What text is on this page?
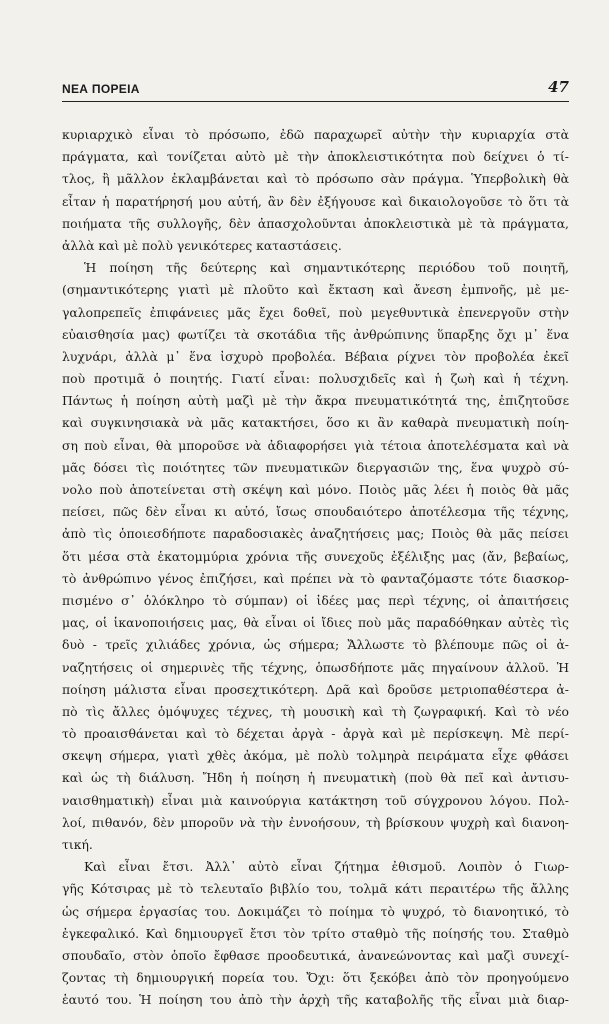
ΝΕΑ ΠΟΡΕΙΑ	47
κυριαρχικὸ εἶναι τὸ πρόσωπο, ἐδῶ παραχωρεῖ αὐτὴν τὴν κυριαρχία στὰ
πράγματα, καὶ τονίζεται αὐτὸ μὲ τὴν ἀποκλειστικότητα ποὺ δείχνει ὁ τί-
τλος, ἢ μᾶλλον ἐκλαμβάνεται καὶ τὸ πρόσωπο σὰν πράγμα. Ὑπερβολικὴ θὰ
εἶταν ἡ παρατήρησή μου αὐτή, ἂν δὲν ἐξήγουσε καὶ δικαιολογοῦσε τὸ ὅτι τὰ
ποιήματα τῆς συλλογῆς, δὲν ἀπασχολοῦνται ἀποκλειστικὰ μὲ τὰ πράγματα,
ἀλλὰ καὶ μὲ πολὺ γενικότερες καταστάσεις.
Ἡ ποίηση τῆς δεύτερης καὶ σημαντικότερης περιόδου τοῦ ποιητῆ,
(σημαντικότερης γιατὶ μὲ πλοῦτο καὶ ἔκταση καὶ ἄνεση ἐμπνοῆς, μὲ με-
γαλοπρεπεῖς ἐπιφάνειες μᾶς ἔχει δοθεῖ, ποὺ μεγεθυντικὰ ἐπενεργοῦν στὴν
εὐαισθησία μας) φωτίζει τὰ σκοτάδια τῆς ἀνθρώπινης ὕπαρξης ὄχι μ᾽ ἕνα
λυχνάρι, ἀλλὰ μ᾽ ἕνα ἰσχυρὸ προβολέα. Βέβαια ρίχνει τὸν προβολέα ἐκεῖ
ποὺ προτιμᾶ ὁ ποιητής. Γιατί εἶναι: πολυσχιδεῖς καὶ ἡ ζωὴ καὶ ἡ τέχνη.
Πάντως ἡ ποίηση αὐτὴ μαζὶ μὲ τὴν ἄκρα πνευματικότητά της, ἐπιζητοῦσε
καὶ συγκινησιακὰ νὰ μᾶς κατακτήσει, ὅσο κι ἂν καθαρὰ πνευματικὴ ποίη-
ση ποὺ εἶναι, θὰ μποροῦσε νὰ ἀδιαφορήσει γιὰ τέτοια ἀποτελέσματα καὶ νὰ
μᾶς δόσει τὶς ποιότητες τῶν πνευματικῶν διεργασιῶν της, ἕνα ψυχρὸ σύ-
νολο ποὺ ἀποτείνεται στὴ σκέψη καὶ μόνο. Ποιὸς μᾶς λέει ἡ ποιὸς θὰ μᾶς
πείσει, πῶς δὲν εἶναι κι αὐτό, ἴσως σπουδαιότερο ἀποτέλεσμα τῆς τέχνης,
ἀπὸ τὶς ὁποιεσδήποτε παραδοσιακὲς ἀναζητήσεις μας; Ποιὸς θὰ μᾶς πείσει
ὅτι μέσα στὰ ἑκατομμύρια χρόνια τῆς συνεχοῦς ἐξέλιξης μας (ἄν, βεβαίως,
τὸ ἀνθρώπινο γένος ἐπιζήσει, καὶ πρέπει νὰ τὸ φανταζόμαστε τότε διασκορ-
πισμένο σ᾽ ὁλόκληρο τὸ σύμπαν) οἱ ἰδέες μας περὶ τέχνης, οἱ ἀπαιτήσεις
μας, οἱ ἱκανοποιήσεις μας, θὰ εἶναι οἱ ἴδιες ποὺ μᾶς παραδόθηκαν αὐτὲς τὶς
δυὸ - τρεῖς χιλιάδες χρόνια, ὡς σήμερα; Ἄλλωστε τὸ βλέπουμε πῶς οἱ ἀ-
ναζητήσεις οἱ σημερινὲς τῆς τέχνης, ὁπωσδήποτε μᾶς πηγαίνουν ἀλλοῦ. Ἡ
ποίηση μάλιστα εἶναι προσεχτικότερη. Δρᾶ καὶ δροῦσε μετριοπαθέστερα ἀ-
πὸ τὶς ἄλλες ὁμόψυχες τέχνες, τὴ μουσικὴ καὶ τὴ ζωγραφική. Καὶ τὸ νέο
τὸ προαισθάνεται καὶ τὸ δέχεται ἀργὰ - ἀργὰ καὶ μὲ περίσκεψη. Μὲ περί-
σκεψη σήμερα, γιατὶ χθὲς ἀκόμα, μὲ πολὺ τολμηρὰ πειράματα εἶχε φθάσει
καὶ ὡς τὴ διάλυση. Ἤδη ἡ ποίηση ἡ πνευματικὴ (ποὺ θὰ πεῖ καὶ ἀντισυ-
ναισθηματικὴ) εἶναι μιὰ καινούργια κατάκτηση τοῦ σύγχρονου λόγου. Πολ-
λοί, πιθανόν, δὲν μποροῦν νὰ τὴν ἐννοήσουν, τὴ βρίσκουν ψυχρὴ καὶ διανοη-
τική.
Καὶ εἶναι ἔτσι. Ἀλλ᾽ αὐτὸ εἶναι ζήτημα ἐθισμοῦ. Λοιπὸν ὁ Γιωρ-
γῆς Κότσιρας μὲ τὸ τελευταῖο βιβλίο του, τολμᾶ κάτι περαιτέρω τῆς ἄλλης
ὡς σήμερα ἐργασίας του. Δοκιμάζει τὸ ποίημα τὸ ψυχρό, τὸ διανοητικό, τὸ
ἐγκεφαλικό. Καὶ δημιουργεῖ ἔτσι τὸν τρίτο σταθμὸ τῆς ποίησής του. Σταθμὸ
σπουδαῖο, στὸν ὁποῖο ἔφθασε προοδευτικά, ἀνανεώνοντας καὶ μαζὶ συνεχί-
ζοντας τὴ δημιουργική πορεία του. Ὄχι: ὅτι ξεκόβει ἀπὸ τὸν προηγούμενο
ἑαυτό του. Ἡ ποίηση του ἀπὸ τὴν ἀρχὴ τῆς καταβολῆς τῆς εἶναι μιὰ διαρ-
